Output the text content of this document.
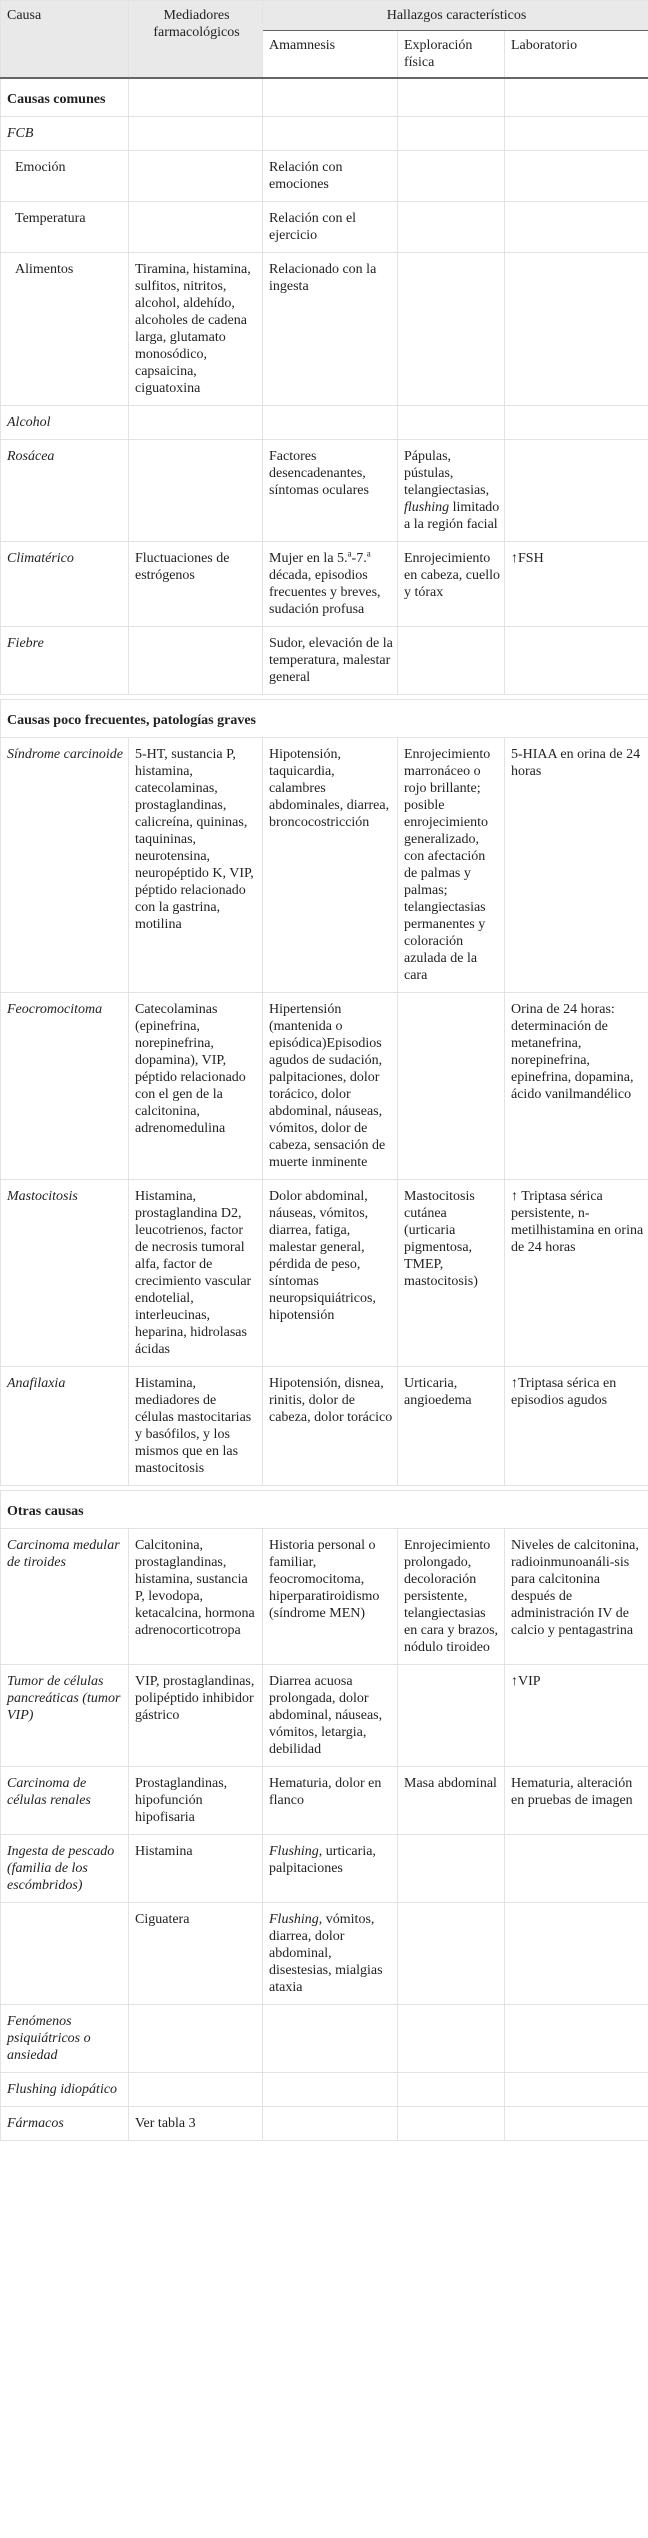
Causa	Mediadores farmacológicos	Hallazgos característicos		
		Amamnesis	Exploración física	Laboratorio
Causas comunes				
FCB				
Emoción		Relación con emociones		
Temperatura		Relación con el ejercicio		
Alimentos	Tiramina, histamina, sulfitos, nitritos, alcohol, aldehído, alcoholes de cadena larga, glutamato monosódico, capsaicina, ciguatoxina	Relacionado con la ingesta		
Alcohol				
Rosácea		Factores desencadenantes, síntomas oculares	Pápulas, pústulas, telangiectasias, flushing limitado a la región facial	
Climatérico	Fluctuaciones de estrógenos	Mujer en la 5.$^a$-7.$^a$ década, episodios frecuentes y breves, sudación profusa	Enrojecimiento en cabeza, cuello y tórax	↑FSH
Fiebre		Sudor, elevación de la temperatura, malestar general		

Causas poco frecuentes, patologías graves				
Síndrome carcinoide	5-HT, sustancia P, histamina, catecolaminas, prostaglandinas, calicreína, quininas, taquininas, neurotensina, neuropéptido K, VIP, péptido relacionado con la gastrina, motilina	Hipotensión, taquicardia, calambres abdominales, diarrea, broncocostricción	Enrojecimiento marronáceo o rojo brillante; posible enrojecimiento generalizado, con afectación de palmas y palmas; telangiectasias permanentes y coloración azulada de la cara	5-HIAA en orina de 24 horas
Feocromocitoma	Catecolaminas (epinefrina, norepinefrina, dopamina), VIP, péptido relacionado con el gen de la calcitonina, adrenomedulina	Hipertensión (mantenida o episódica)Episodios agudos de sudación, palpitaciones, dolor torácico, dolor abdominal, náuseas, vómitos, dolor de cabeza, sensación de muerte inminente		Orina de 24 horas: determinación de metanefrina, norepinefrina, epinefrina, dopamina, ácido vanilmandélico
Mastocitosis	Histamina, prostaglandina D2, leucotrienos, factor de necrosis tumoral alfa, factor de crecimiento vascular endotelial, interleucinas, heparina, hidrolasas ácidas	Dolor abdominal, náuseas, vómitos, diarrea, fatiga, malestar general, pérdida de peso, síntomas neuropsiquiátricos, hipotensión	Mastocitosis cutánea (urticaria pigmentosa, TMEP, mastocitosis)	↑ Triptasa sérica persistente, n-metilhistamina en orina de 24 horas
Anafilaxia	Histamina, mediadores de células mastocitarias y basófilos, y los mismos que en las mastocitosis	Hipotensión, disnea, rinitis, dolor de cabeza, dolor torácico	Urticaria, angioedema	↑Triptasa sérica en episodios agudos

Otras causas				
Carcinoma medular de tiroides	Calcitonina, prostaglandinas, histamina, sustancia P, levodopa, ketacalcina, hormona adrenocorticotropa	Historia personal o familiar, feocromocitoma, hiperparatiroidismo (síndrome MEN)	Enrojecimiento prolongado, decoloración persistente, telangiectasias en cara y brazos, nódulo tiroideo	Niveles de calcitonina, radioinmunoanáli-sis para calcitonina después de administración IV de calcio y pentagastrina
Tumor de células pancreáticas (tumor VIP)	VIP, prostaglandinas, polipéptido inhibidor gástrico	Diarrea acuosa prolongada, dolor abdominal, náuseas, vómitos, letargia, debilidad		↑VIP
Carcinoma de células renales	Prostaglandinas, hipofunción hipofisaria	Hematuria, dolor en flanco	Masa abdominal	Hematuria, alteración en pruebas de imagen
Ingesta de pescado (familia de los escómbridos)	Histamina	Flushing, urticaria, palpitaciones		
	Ciguatera	Flushing, vómitos, diarrea, dolor abdominal, disestesias, mialgias ataxia		
Fenómenos psiquiátricos o ansiedad				
Flushing idiopático				
Fármacos	Ver tabla 3			
